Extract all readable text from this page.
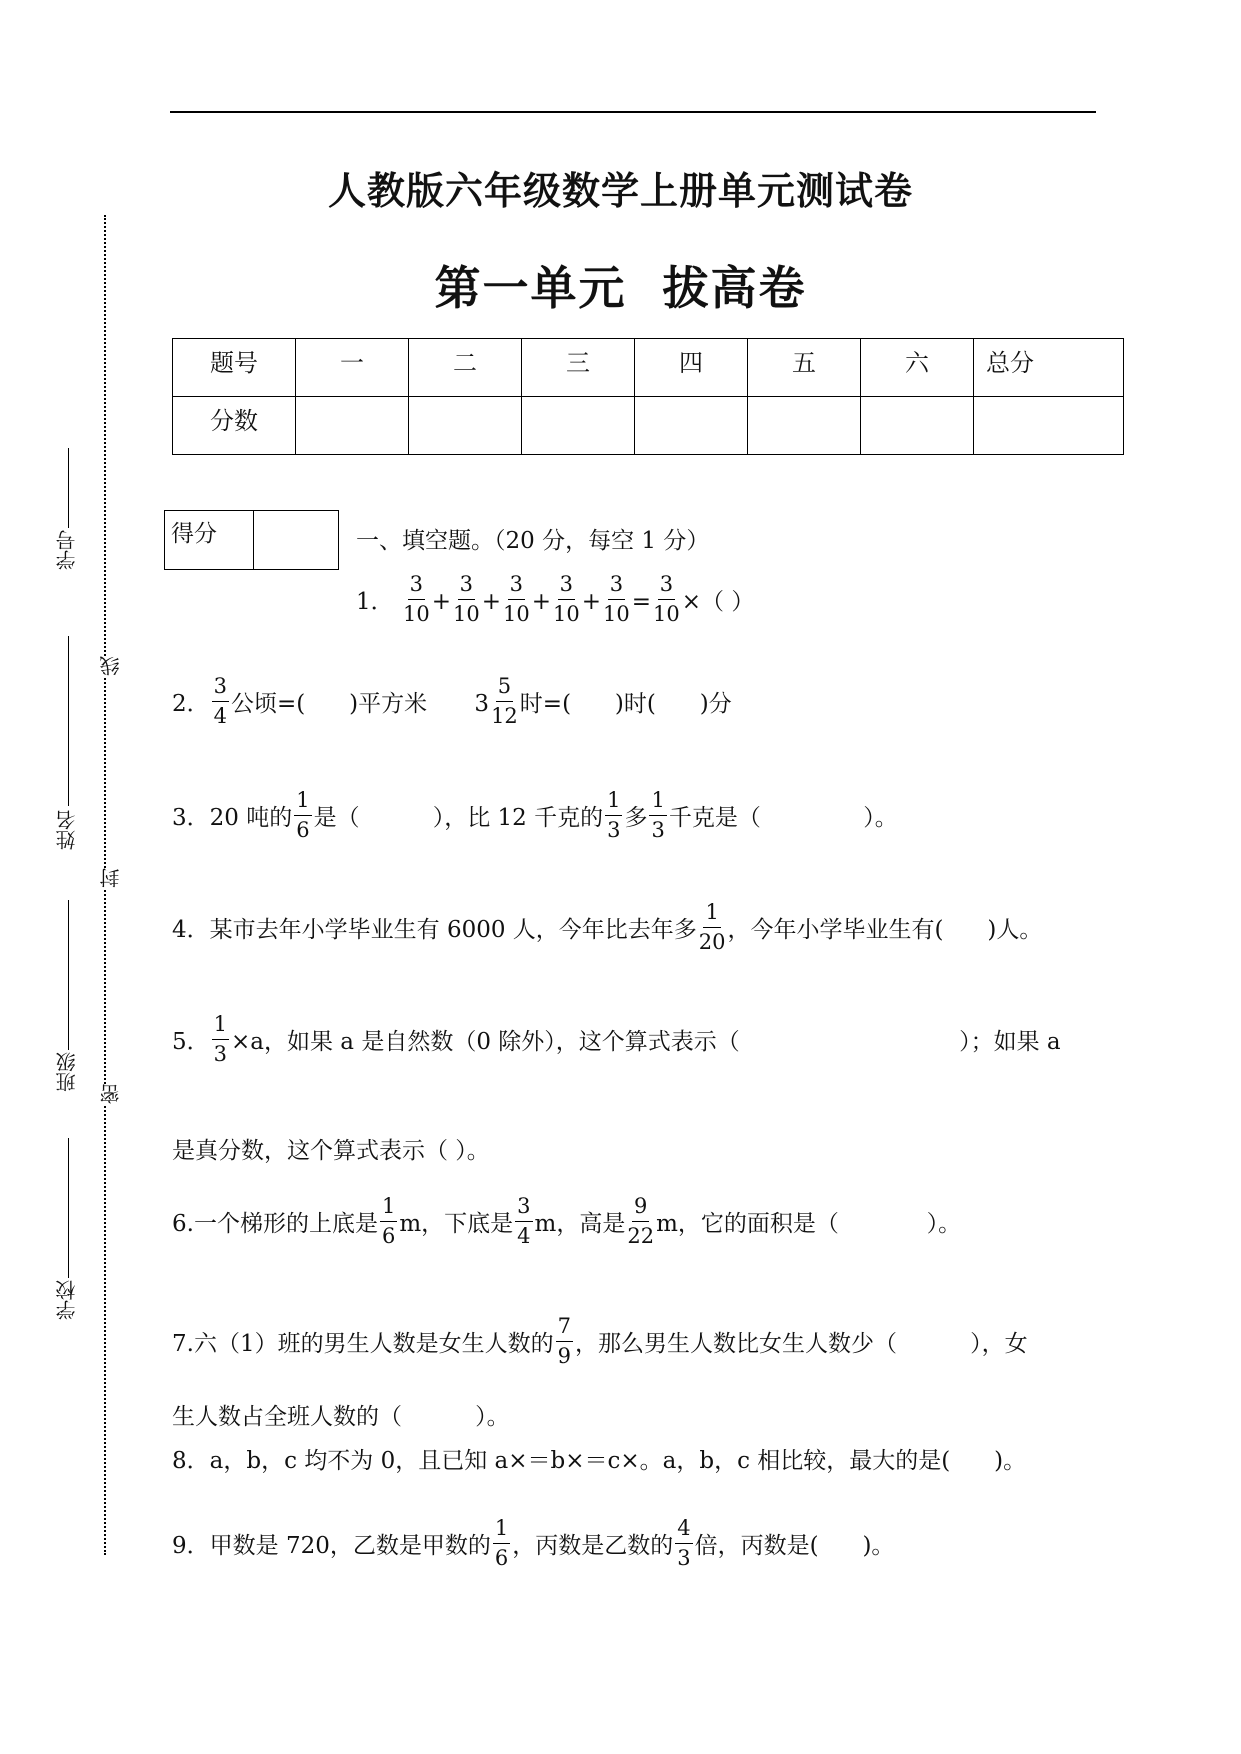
人教版六年级数学上册单元测试卷
第一单元  拔高卷
题号	一	二	三	四	五	六	总分
分数							
得分		一、填空题。（20 分，每空 1 分）
1． $\frac{3}{10} + \frac{3}{10} + \frac{3}{10} + \frac{3}{10} + \frac{3}{10} = \frac{3}{10}$ ×（ ）
2． $\frac{3}{4}$ 公顷=(      )平方米 $3 \frac{5}{12}$ 时=(      )时(      )分
3．20 吨的 $\frac{1}{6}$ 是（          ），比 12 千克的 $\frac{1}{3}$ 多 $\frac{1}{3}$ 千克是（              ）。
4．某市去年小学毕业生有 6000 人，今年比去年多 $\frac{1}{20}$ ，今年小学毕业生有(      )人。
5． $\frac{1}{3} \times a$，如果 a 是自然数（0 除外），这个算式表示（                              ）；如果 a
是真分数，这个算式表示（ ）。
6.一个梯形的上底是 $\frac{1}{6}$ m，下底是 $\frac{3}{4}$ m，高是 $\frac{9}{22}$ m，它的面积是（            ）。
7.六（1）班的男生人数是女生人数的 $\frac{7}{9}$ ，那么男生人数比女生人数少（          ），女
生人数占全班人数的（          ）。
8．a，b，c 均不为 0，且已知 a×＝b×＝c×。a，b，c 相比较，最大的是(      )。
9．甲数是 720，乙数是甲数的 $\frac{1}{6}$ ，丙数是乙数的 $\frac{4}{3}$ 倍，丙数是(      )。
学号
姓名
班级
学校
线
封
密
